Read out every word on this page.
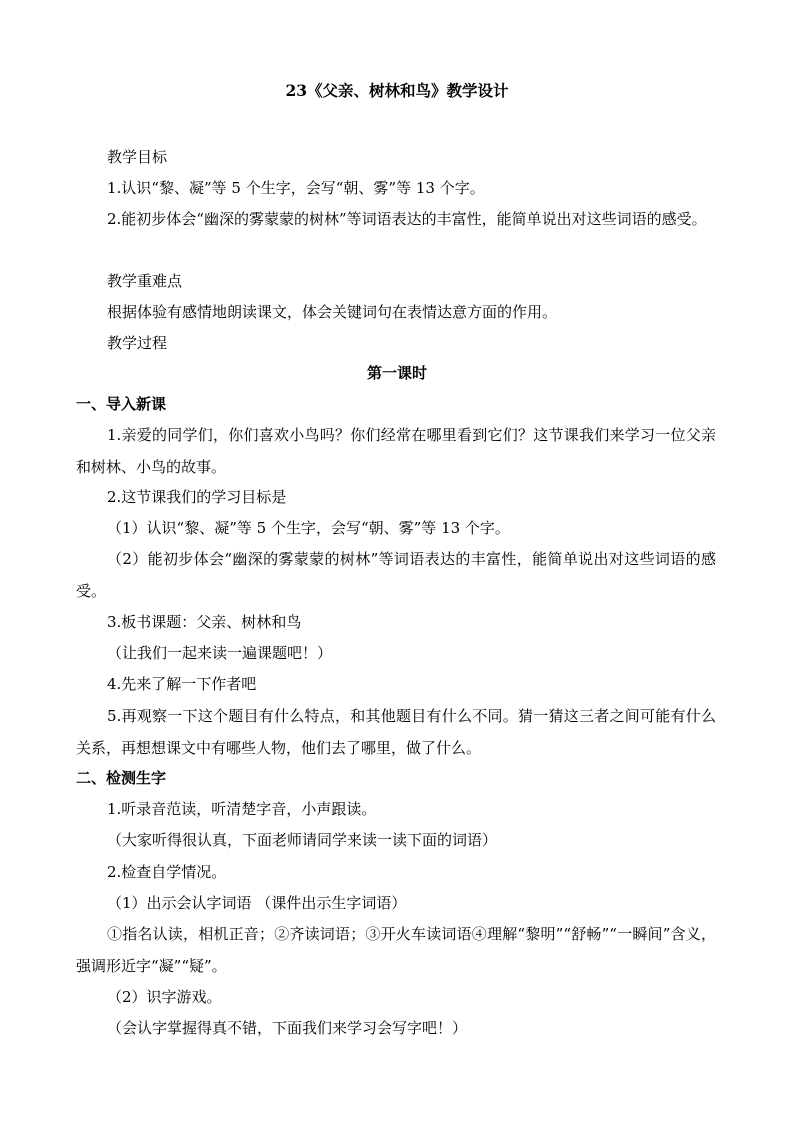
23《父亲、树林和鸟》教学设计

教学目标

1.认识“黎、凝”等 5 个生字，会写“朝、雾”等 13 个字。

2.能初步体会“幽深的雾蒙蒙的树林”等词语表达的丰富性，能简单说出对这些词语的感受。

教学重难点

根据体验有感情地朗读课文，体会关键词句在表情达意方面的作用。

教学过程

第一课时

一、导入新课

1.亲爱的同学们，你们喜欢小鸟吗？你们经常在哪里看到它们？这节课我们来学习一位父亲和树林、小鸟的故事。

2.这节课我们的学习目标是

（1）认识“黎、凝”等 5 个生字，会写“朝、雾”等 13 个字。

（2）能初步体会“幽深的雾蒙蒙的树林”等词语表达的丰富性，能简单说出对这些词语的感受。

3.板书课题：父亲、树林和鸟

（让我们一起来读一遍课题吧！）

4.先来了解一下作者吧

5.再观察一下这个题目有什么特点，和其他题目有什么不同。猜一猜这三者之间可能有什么关系，再想想课文中有哪些人物，他们去了哪里，做了什么。

二、检测生字

1.听录音范读，听清楚字音，小声跟读。

（大家听得很认真，下面老师请同学来读一读下面的词语）

2.检查自学情况。

（1）出示会认字词语 （课件出示生字词语）

①指名认读，相机正音；②齐读词语；③开火车读词语④理解“黎明”“舒畅”“一瞬间”含义，强调形近字“凝”“疑”。

（2）识字游戏。

（会认字掌握得真不错，下面我们来学习会写字吧！）
